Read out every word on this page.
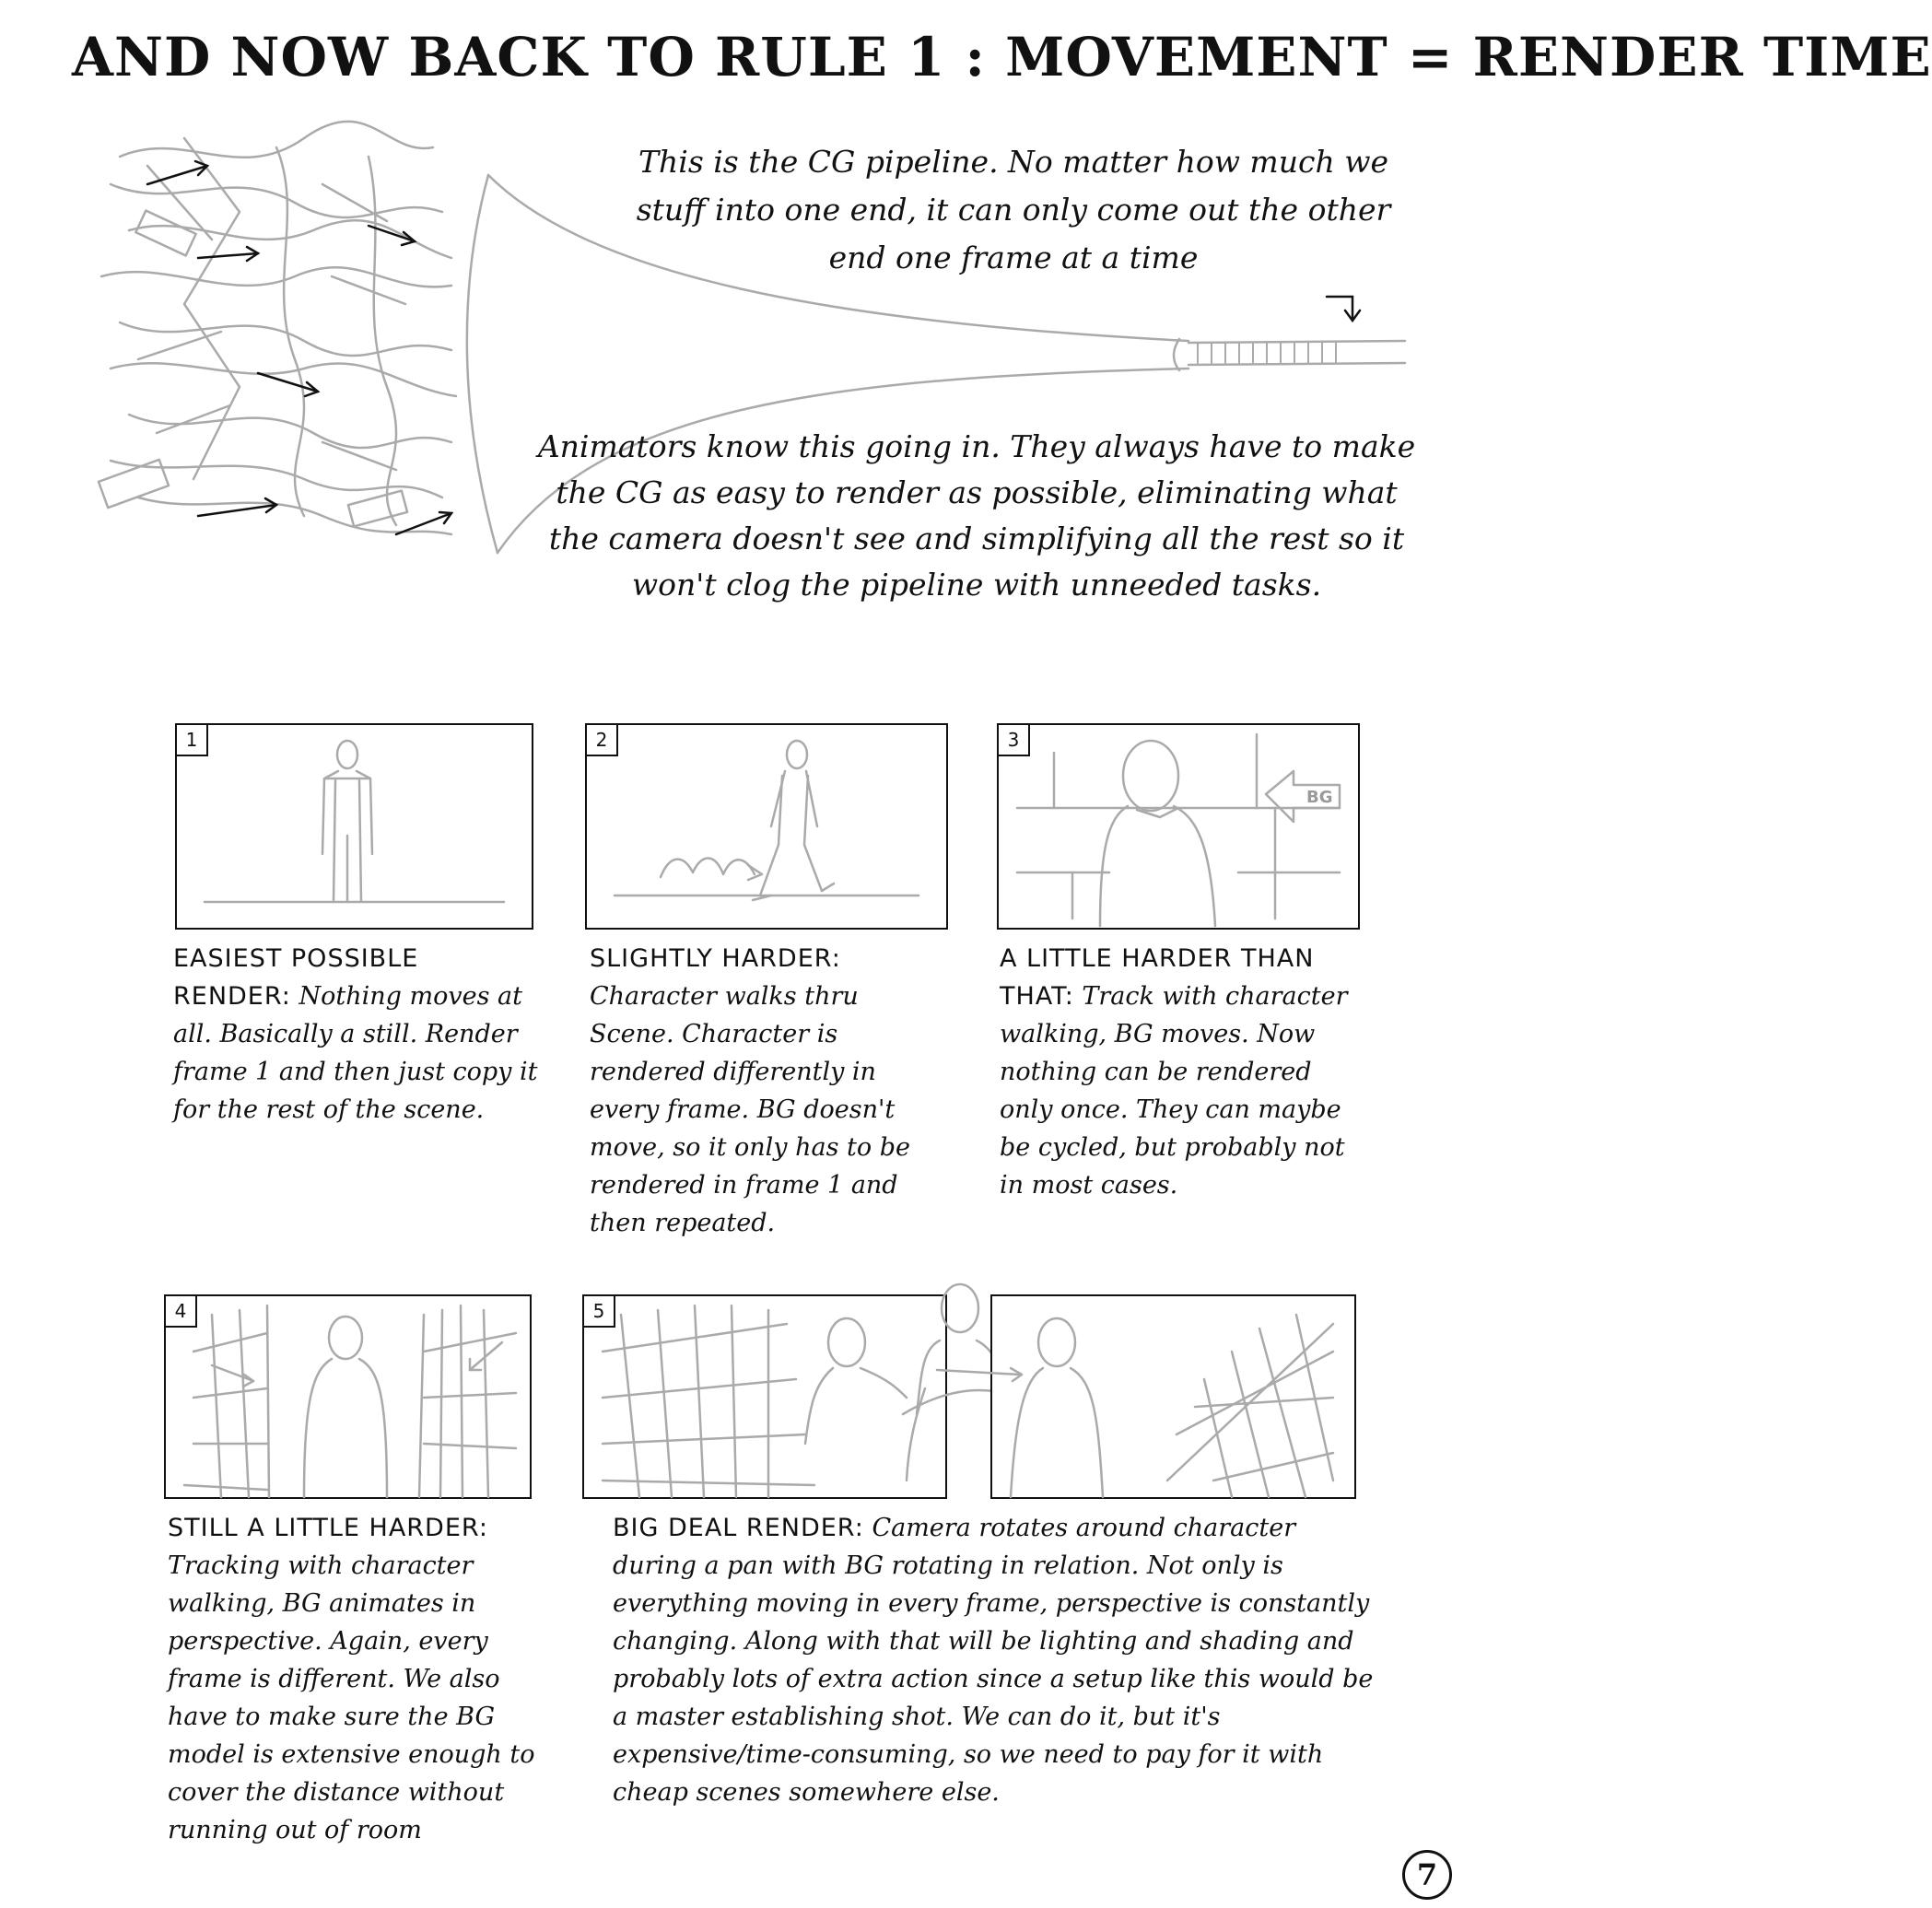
AND NOW BACK TO RULE 1 : MOVEMENT = RENDER TIME
This is the CG pipeline. No matter how much we stuff into one end, it can only come out the other end one frame at a time
Animators know this going in. They always have to make the CG as easy to render as possible, eliminating what the camera doesn't see and simplifying all the rest so it won't clog the pipeline with unneeded tasks.
1	2	3
BG
4	5
EASIEST POSSIBLE RENDER: Nothing moves at all. Basically a still. Render frame 1 and then just copy it for the rest of the scene.
SLIGHTLY HARDER: Character walks thru Scene. Character is rendered differently in every frame. BG doesn't move, so it only has to be rendered in frame 1 and then repeated.
A LITTLE HARDER THAN THAT: Track with character walking, BG moves. Now nothing can be rendered only once. They can maybe be cycled, but probably not in most cases.
STILL A LITTLE HARDER: Tracking with character walking, BG animates in perspective. Again, every frame is different. We also have to make sure the BG model is extensive enough to cover the distance without running out of room
BIG DEAL RENDER: Camera rotates around character during a pan with BG rotating in relation. Not only is everything moving in every frame, perspective is constantly changing. Along with that will be lighting and shading and probably lots of extra action since a setup like this would be a master establishing shot. We can do it, but it's expensive/time-consuming, so we need to pay for it with cheap scenes somewhere else.
7
